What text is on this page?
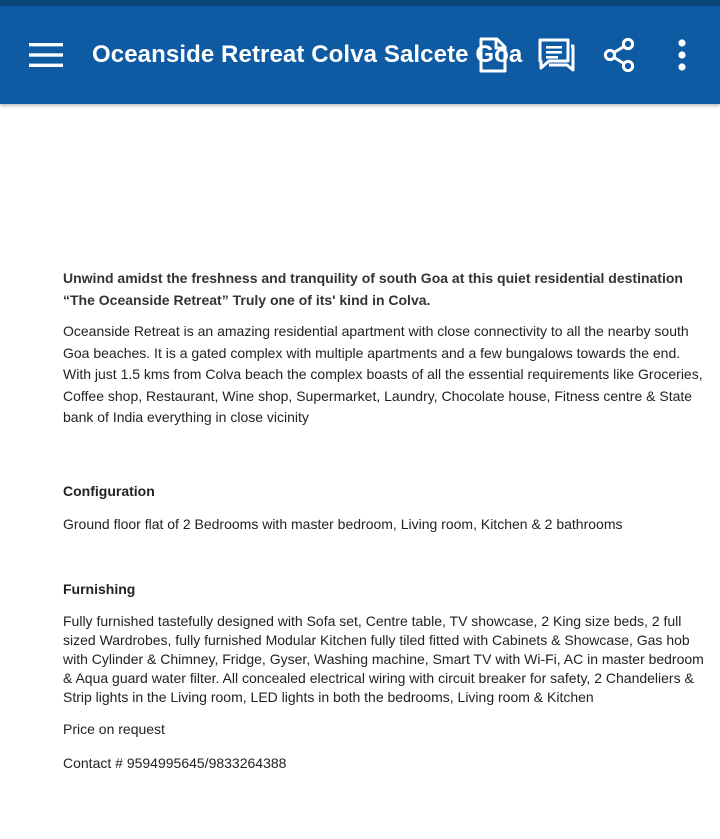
Oceanside Retreat Colva Salcete Goa

Unwind amidst the freshness and tranquility of south Goa at this quiet residential destination “The Oceanside Retreat” Truly one of its' kind in Colva.

Oceanside Retreat is an amazing residential apartment with close connectivity to all the nearby south Goa beaches. It is a gated complex with multiple apartments and a few bungalows towards the end. With just 1.5 kms from Colva beach the complex boasts of all the essential requirements like Groceries, Coffee shop, Restaurant, Wine shop, Supermarket, Laundry, Chocolate house, Fitness centre & State bank of India everything in close vicinity

Configuration

Ground floor flat of 2 Bedrooms with master bedroom, Living room, Kitchen & 2 bathrooms

Furnishing

Fully furnished tastefully designed with Sofa set, Centre table, TV showcase, 2 King size beds, 2 full sized Wardrobes, fully furnished Modular Kitchen fully tiled fitted with Cabinets & Showcase, Gas hob with Cylinder & Chimney, Fridge, Gyser, Washing machine, Smart TV with Wi-Fi, AC in master bedroom & Aqua guard water filter. All concealed electrical wiring with circuit breaker for safety, 2 Chandeliers & Strip lights in the Living room, LED lights in both the bedrooms, Living room & Kitchen

Price on request

Contact # 9594995645/9833264388
